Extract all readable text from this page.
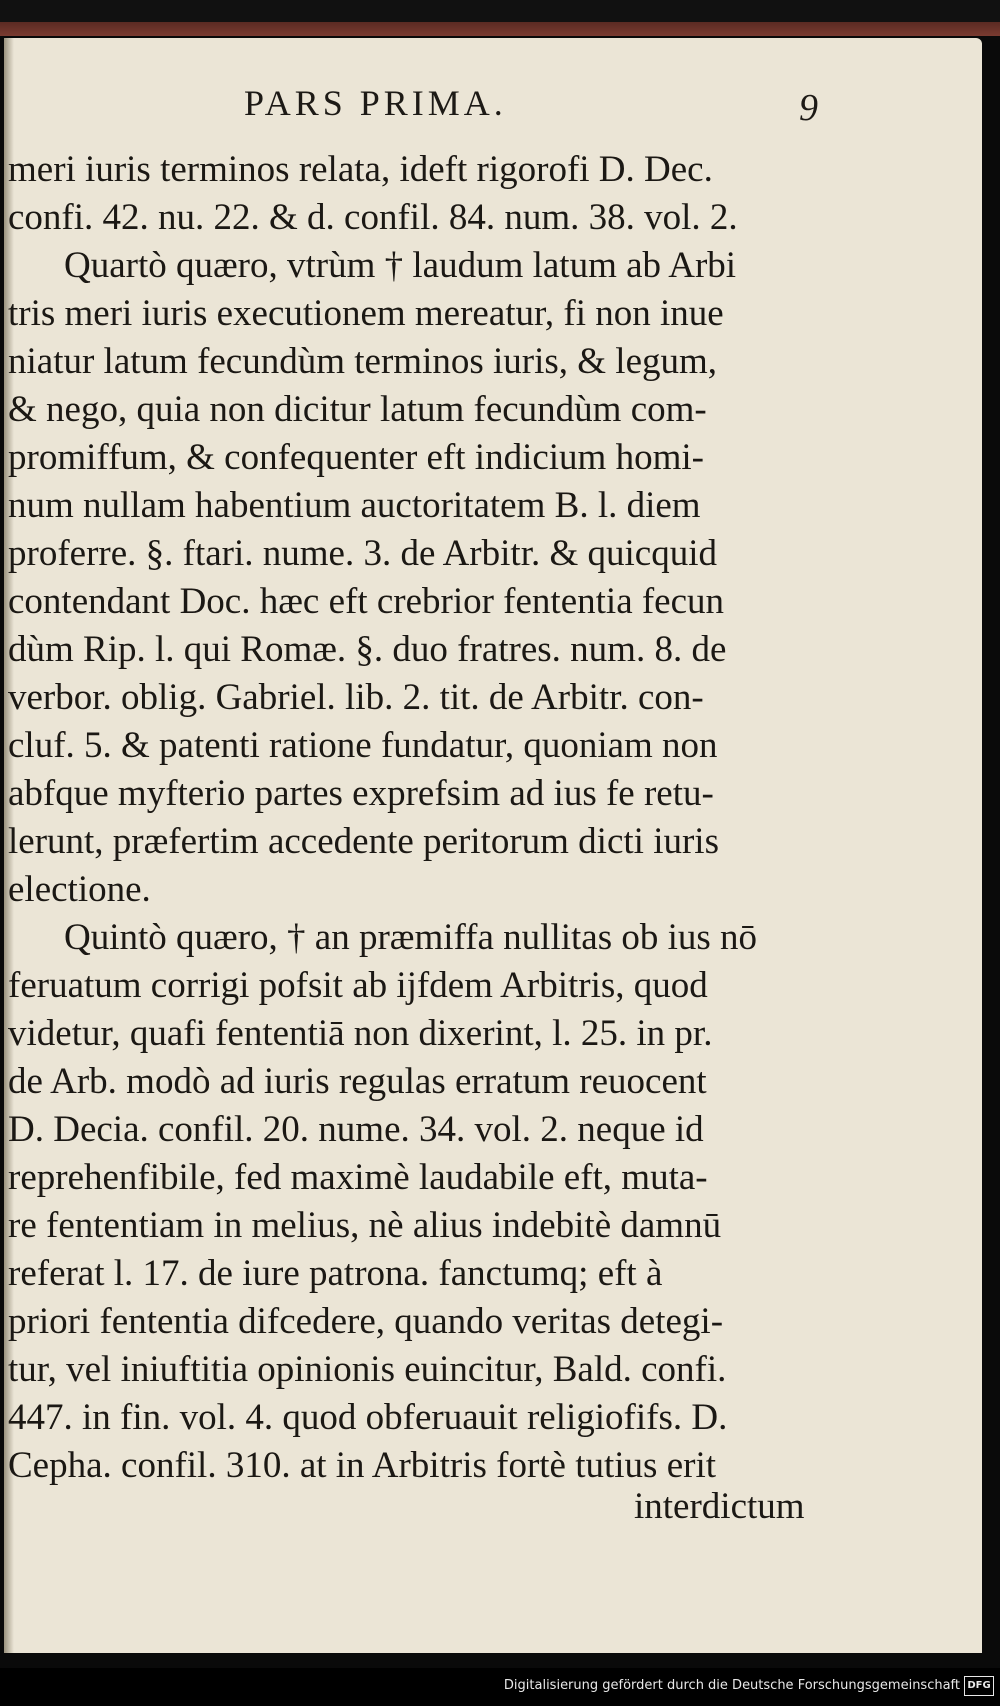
PARS PRIMA.	9
meri iuris terminos relata, ideft rigorofi D. Dec.
confi. 42. nu. 22. & d. confil. 84. num. 38. vol. 2.
Quartò quæro, vtrùm † laudum latum ab Arbi
tris meri iuris executionem mereatur, fi non inue
niatur latum fecundùm terminos iuris, & legum,
& nego, quia non dicitur latum fecundùm com-
promiffum, & confequenter eft indicium homi-
num nullam habentium auctoritatem B. l. diem
proferre. §. ftari. nume. 3. de Arbitr. & quicquid
contendant Doc. hæc eft crebrior fententia fecun
dùm Rip. l. qui Romæ. §. duo fratres. num. 8. de
verbor. oblig. Gabriel. lib. 2. tit. de Arbitr. con-
cluf. 5. & patenti ratione fundatur, quoniam non
abfque myfterio partes exprefsim ad ius fe retu-
lerunt, præfertim accedente peritorum dicti iuris
electione.
Quintò quæro, † an præmiffa nullitas ob ius nō
feruatum corrigi pofsit ab ijfdem Arbitris, quod
videtur, quafi fententiā non dixerint, l. 25. in pr.
de Arb. modò ad iuris regulas erratum reuocent
D. Decia. confil. 20. nume. 34. vol. 2. neque id
reprehenfibile, fed maximè laudabile eft, muta-
re fententiam in melius, nè alius indebitè damnū
referat l. 17. de iure patrona. fanctumq; eft à
priori fententia difcedere, quando veritas detegi-
tur, vel iniuftitia opinionis euincitur, Bald. confi.
447. in fin. vol. 4. quod obferuauit religiofifs. D.
Cepha. confil. 310. at in Arbitris fortè tutius erit
interdictum
Digitalisierung gefördert durch die Deutsche Forschungsgemeinschaft DFG
